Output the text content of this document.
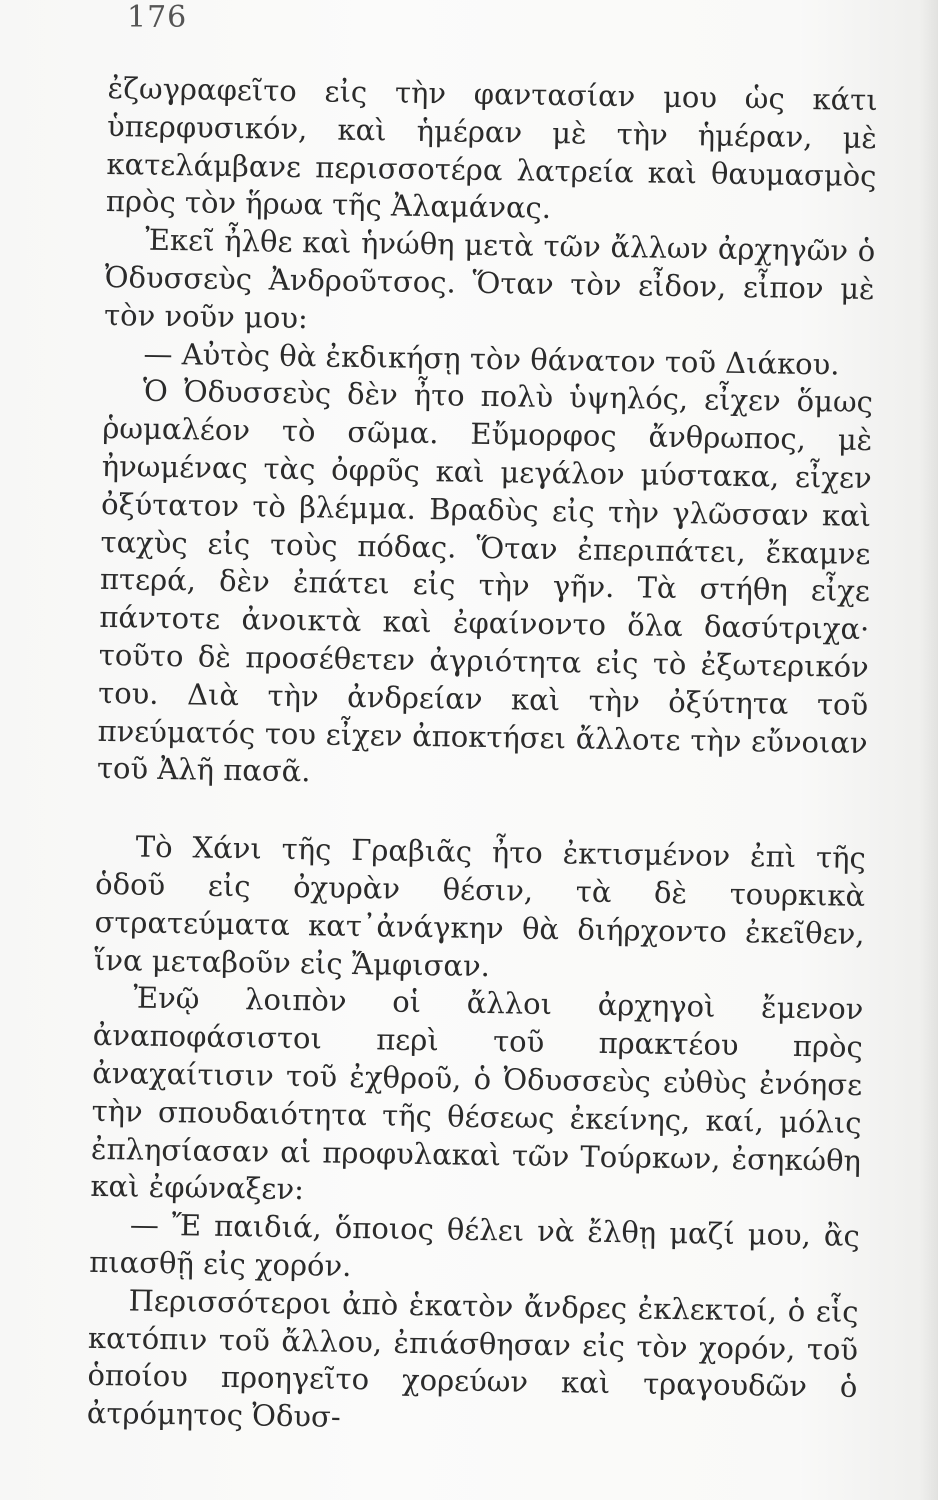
176

ἐζωγραφεῖτο εἰς τὴν φαντασίαν μου ὡς κάτι ὑπερφυσικόν, καὶ ἡμέραν μὲ τὴν ἡμέραν, μὲ κατελάμβανε περισσοτέρα λατρεία καὶ θαυμασμὸς πρὸς τὸν ἥρωα τῆς Ἀλαμάνας.

Ἐκεῖ ἦλθε καὶ ἡνώθη μετὰ τῶν ἄλλων ἀρχηγῶν ὁ Ὀδυσσεὺς Ἀνδροῦτσος. Ὅταν τὸν εἶδον, εἶπον μὲ τὸν νοῦν μου:

— Αὐτὸς θὰ ἐκδικήσῃ τὸν θάνατον τοῦ Διάκου.

Ὁ Ὀδυσσεὺς δὲν ἦτο πολὺ ὑψηλός, εἶχεν ὅμως ῥωμαλέον τὸ σῶμα. Εὔμορφος ἄνθρωπος, μὲ ἠνωμένας τὰς ὀφρῦς καὶ μεγάλον μύστακα, εἶχεν ὀξύτατον τὸ βλέμμα. Βραδὺς εἰς τὴν γλῶσσαν καὶ ταχὺς εἰς τοὺς πόδας. Ὅταν ἐπεριπάτει, ἔκαμνε πτερά, δὲν ἐπάτει εἰς τὴν γῆν. Τὰ στήθη εἶχε πάντοτε ἀνοικτὰ καὶ ἐφαίνοντο ὅλα δασύτριχα· τοῦτο δὲ προσέθετεν ἀγριότητα εἰς τὸ ἐξωτερικόν του. Διὰ τὴν ἀνδρείαν καὶ τὴν ὀξύτητα τοῦ πνεύματός του εἶχεν ἀποκτήσει ἄλλοτε τὴν εὔνοιαν τοῦ Ἀλῆ πασᾶ.

Τὸ Χάνι τῆς Γραβιᾶς ἦτο ἐκτισμένον ἐπὶ τῆς ὁδοῦ εἰς ὀχυρὰν θέσιν, τὰ δὲ τουρκικὰ στρατεύματα κατ᾽ἀνάγκην θὰ διήρχοντο ἐκεῖθεν, ἵνα μεταβοῦν εἰς Ἄμφισαν.

Ἐνῷ λοιπὸν οἱ ἄλλοι ἀρχηγοὶ ἔμενον ἀναποφάσιστοι περὶ τοῦ πρακτέου πρὸς ἀναχαίτισιν τοῦ ἐχθροῦ, ὁ Ὀδυσσεὺς εὐθὺς ἐνόησε τὴν σπουδαιότητα τῆς θέσεως ἐκείνης, καί, μόλις ἐπλησίασαν αἱ προφυλακαὶ τῶν Τούρκων, ἐσηκώθη καὶ ἐφώναξεν:

— Ἔ παιδιά, ὅποιος θέλει νὰ ἔλθῃ μαζί μου, ἂς πιασθῇ εἰς χορόν.

Περισσότεροι ἀπὸ ἑκατὸν ἄνδρες ἐκλεκτοί, ὁ εἷς κατόπιν τοῦ ἄλλου, ἐπιάσθησαν εἰς τὸν χορόν, τοῦ ὁποίου προηγεῖτο χορεύων καὶ τραγουδῶν ὁ ἀτρόμητος Ὀδυσ-
